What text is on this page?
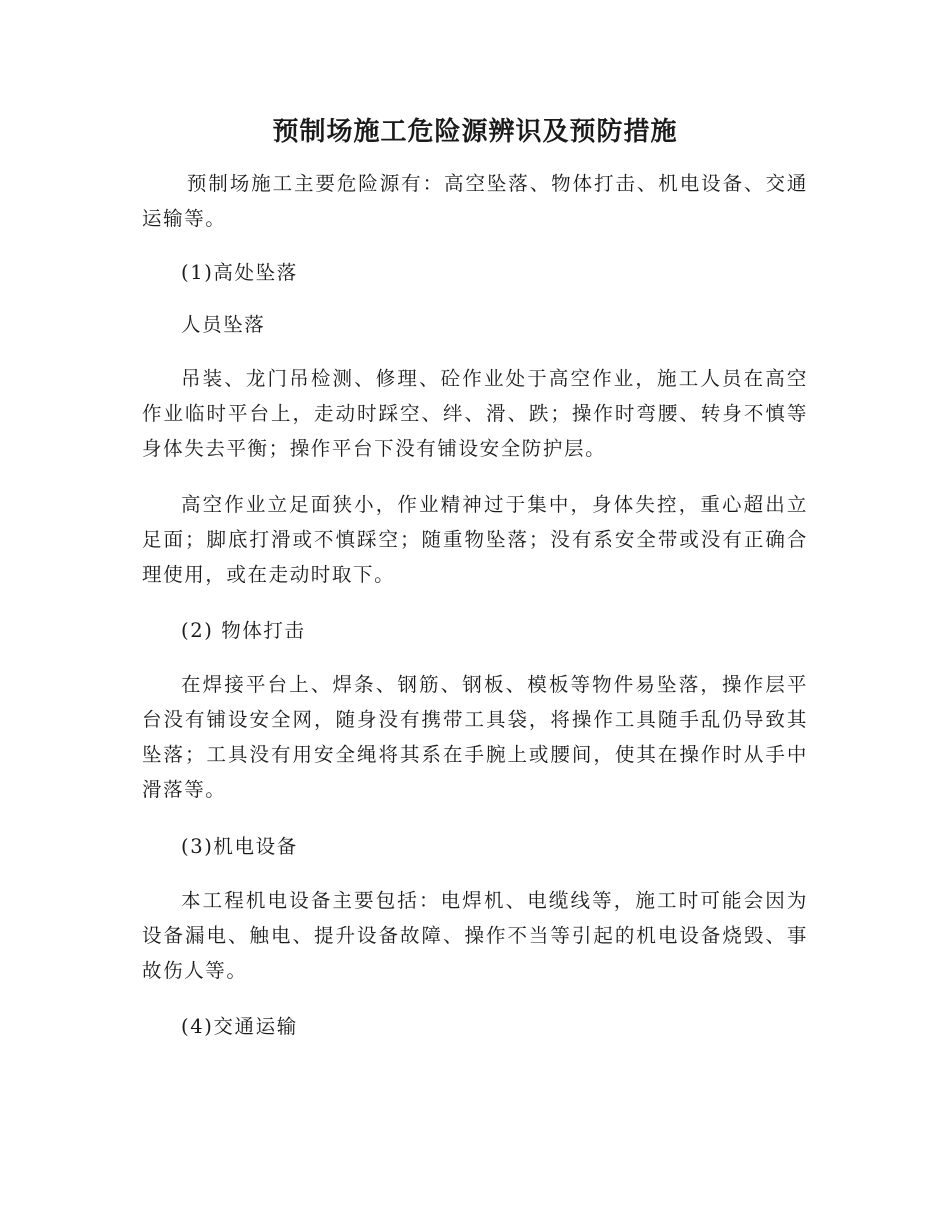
预制场施工危险源辨识及预防措施

预制场施工主要危险源有：高空坠落、物体打击、机电设备、交通运输等。

(1)高处坠落

人员坠落

吊装、龙门吊检测、修理、砼作业处于高空作业，施工人员在高空作业临时平台上，走动时踩空、绊、滑、跌；操作时弯腰、转身不慎等身体失去平衡；操作平台下没有铺设安全防护层。

高空作业立足面狭小，作业精神过于集中，身体失控，重心超出立足面；脚底打滑或不慎踩空；随重物坠落；没有系安全带或没有正确合理使用，或在走动时取下。

(2) 物体打击

在焊接平台上、焊条、钢筋、钢板、模板等物件易坠落，操作层平台没有铺设安全网，随身没有携带工具袋，将操作工具随手乱仍导致其坠落；工具没有用安全绳将其系在手腕上或腰间，使其在操作时从手中滑落等。

(3)机电设备

本工程机电设备主要包括：电焊机、电缆线等，施工时可能会因为设备漏电、触电、提升设备故障、操作不当等引起的机电设备烧毁、事故伤人等。

(4)交通运输
